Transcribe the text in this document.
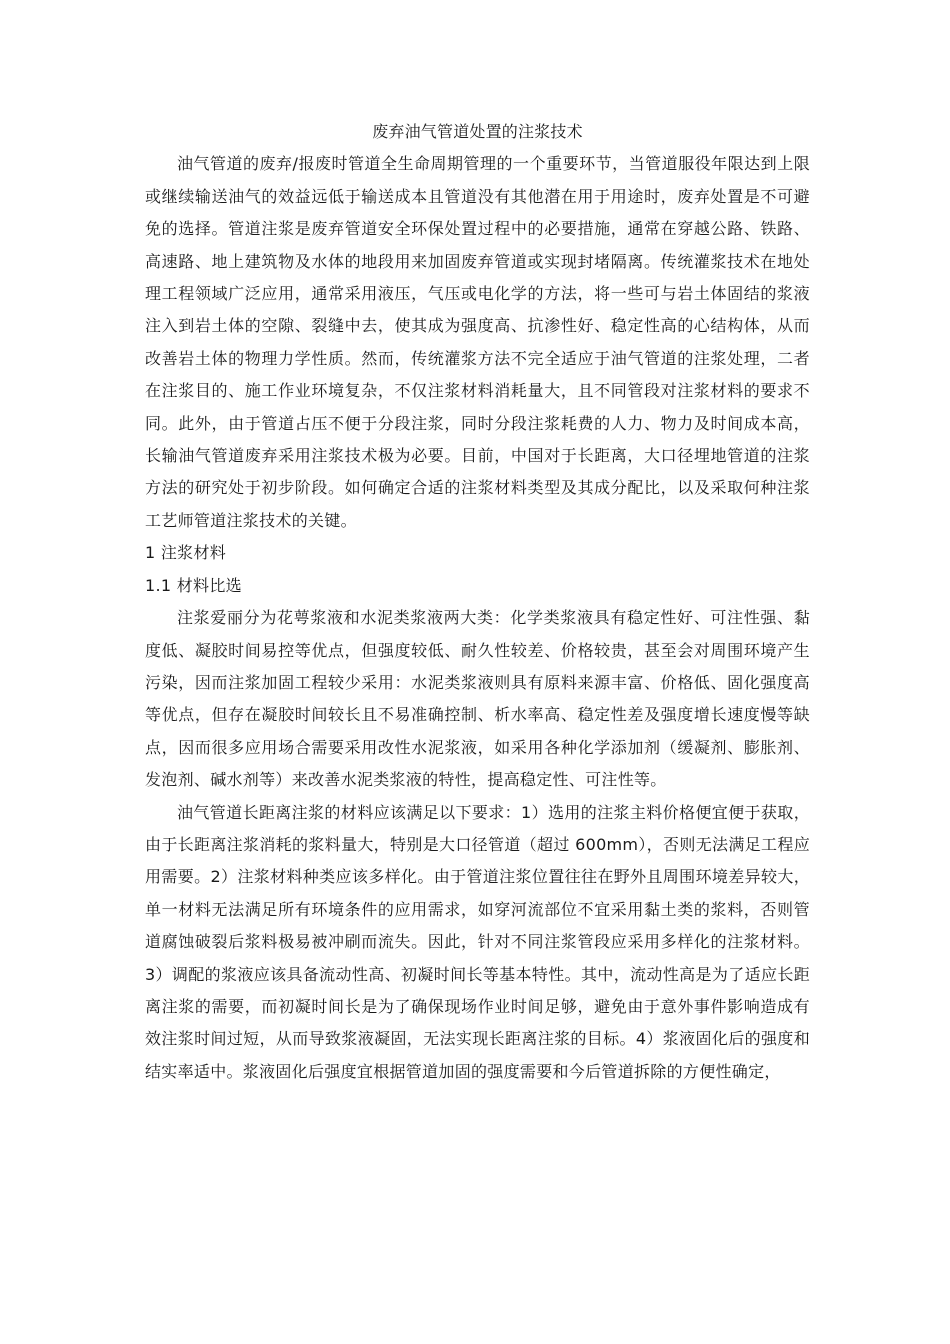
废弃油气管道处置的注浆技术

油气管道的废弃/报废时管道全生命周期管理的一个重要环节，当管道服役年限达到上限或继续输送油气的效益远低于输送成本且管道没有其他潜在用于用途时，废弃处置是不可避免的选择。管道注浆是废弃管道安全环保处置过程中的必要措施，通常在穿越公路、铁路、高速路、地上建筑物及水体的地段用来加固废弃管道或实现封堵隔离。传统灌浆技术在地处理工程领域广泛应用，通常采用液压，气压或电化学的方法，将一些可与岩土体固结的浆液注入到岩土体的空隙、裂缝中去，使其成为强度高、抗渗性好、稳定性高的心结构体，从而改善岩土体的物理力学性质。然而，传统灌浆方法不完全适应于油气管道的注浆处理，二者在注浆目的、施工作业环境复杂，不仅注浆材料消耗量大，且不同管段对注浆材料的要求不同。此外，由于管道占压不便于分段注浆，同时分段注浆耗费的人力、物力及时间成本高，长输油气管道废弃采用注浆技术极为必要。目前，中国对于长距离，大口径埋地管道的注浆方法的研究处于初步阶段。如何确定合适的注浆材料类型及其成分配比，以及采取何种注浆工艺师管道注浆技术的关键。

1 注浆材料

1.1 材料比选

注浆爱丽分为花萼浆液和水泥类浆液两大类：化学类浆液具有稳定性好、可注性强、黏度低、凝胶时间易控等优点，但强度较低、耐久性较差、价格较贵，甚至会对周围环境产生污染，因而注浆加固工程较少采用：水泥类浆液则具有原料来源丰富、价格低、固化强度高等优点，但存在凝胶时间较长且不易准确控制、析水率高、稳定性差及强度增长速度慢等缺点，因而很多应用场合需要采用改性水泥浆液，如采用各种化学添加剂（缓凝剂、膨胀剂、发泡剂、碱水剂等）来改善水泥类浆液的特性，提高稳定性、可注性等。

油气管道长距离注浆的材料应该满足以下要求：1）选用的注浆主料价格便宜便于获取，由于长距离注浆消耗的浆料量大，特别是大口径管道（超过 600mm），否则无法满足工程应用需要。2）注浆材料种类应该多样化。由于管道注浆位置往往在野外且周围环境差异较大，单一材料无法满足所有环境条件的应用需求，如穿河流部位不宜采用黏土类的浆料，否则管道腐蚀破裂后浆料极易被冲刷而流失。因此，针对不同注浆管段应采用多样化的注浆材料。3）调配的浆液应该具备流动性高、初凝时间长等基本特性。其中，流动性高是为了适应长距离注浆的需要，而初凝时间长是为了确保现场作业时间足够，避免由于意外事件影响造成有效注浆时间过短，从而导致浆液凝固，无法实现长距离注浆的目标。4）浆液固化后的强度和结实率适中。浆液固化后强度宜根据管道加固的强度需要和今后管道拆除的方便性确定，
